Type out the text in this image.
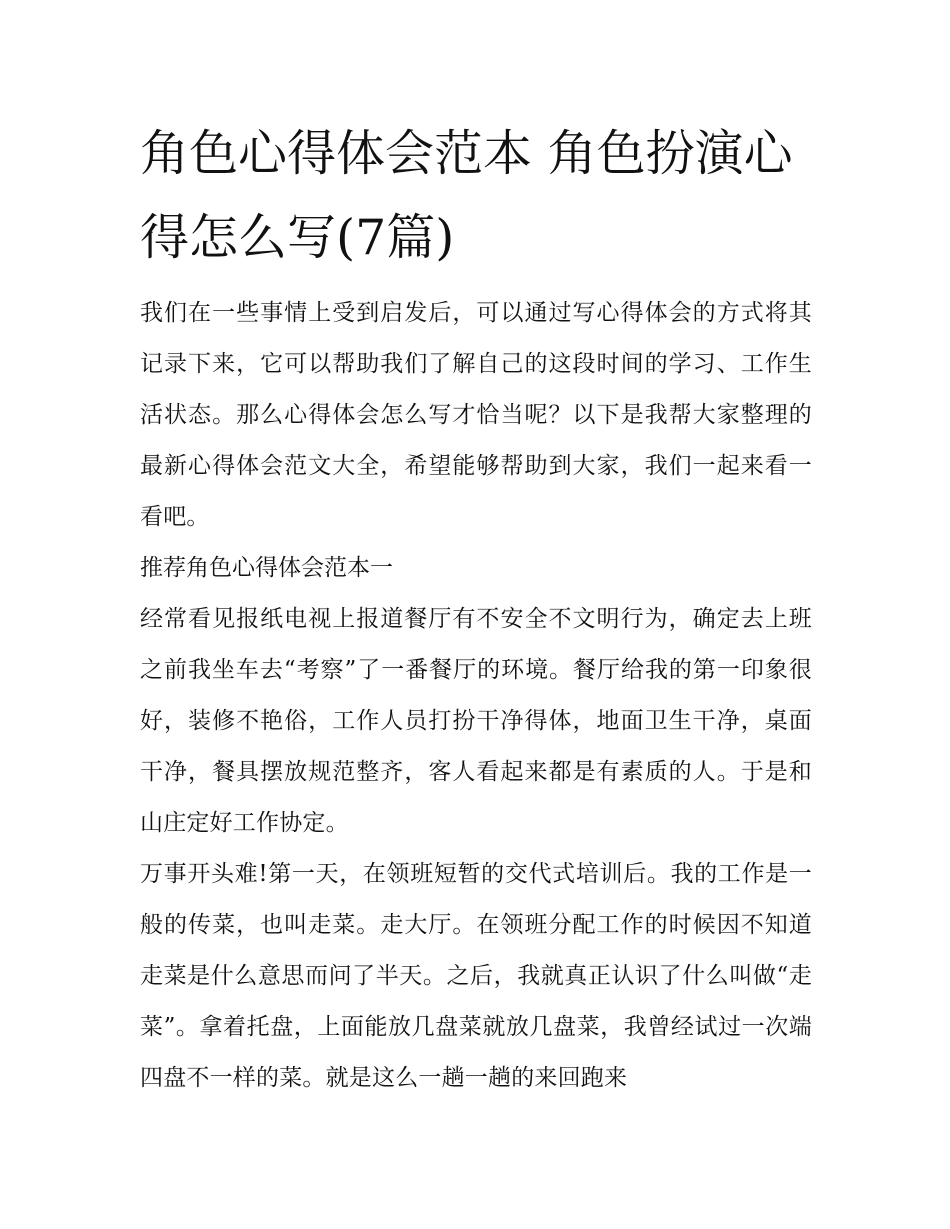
角色心得体会范本 角色扮演心得怎么写(7篇)

我们在一些事情上受到启发后，可以通过写心得体会的方式将其记录下来，它可以帮助我们了解自己的这段时间的学习、工作生活状态。那么心得体会怎么写才恰当呢？以下是我帮大家整理的最新心得体会范文大全，希望能够帮助到大家，我们一起来看一看吧。

推荐角色心得体会范本一

经常看见报纸电视上报道餐厅有不安全不文明行为，确定去上班之前我坐车去“考察”了一番餐厅的环境。餐厅给我的第一印象很好，装修不艳俗，工作人员打扮干净得体，地面卫生干净，桌面干净，餐具摆放规范整齐，客人看起来都是有素质的人。于是和山庄定好工作协定。

万事开头难!第一天，在领班短暂的交代式培训后。我的工作是一般的传菜，也叫走菜。走大厅。在领班分配工作的时候因不知道走菜是什么意思而问了半天。之后，我就真正认识了什么叫做“走菜”。拿着托盘，上面能放几盘菜就放几盘菜，我曾经试过一次端四盘不一样的菜。就是这么一趟一趟的来回跑来
